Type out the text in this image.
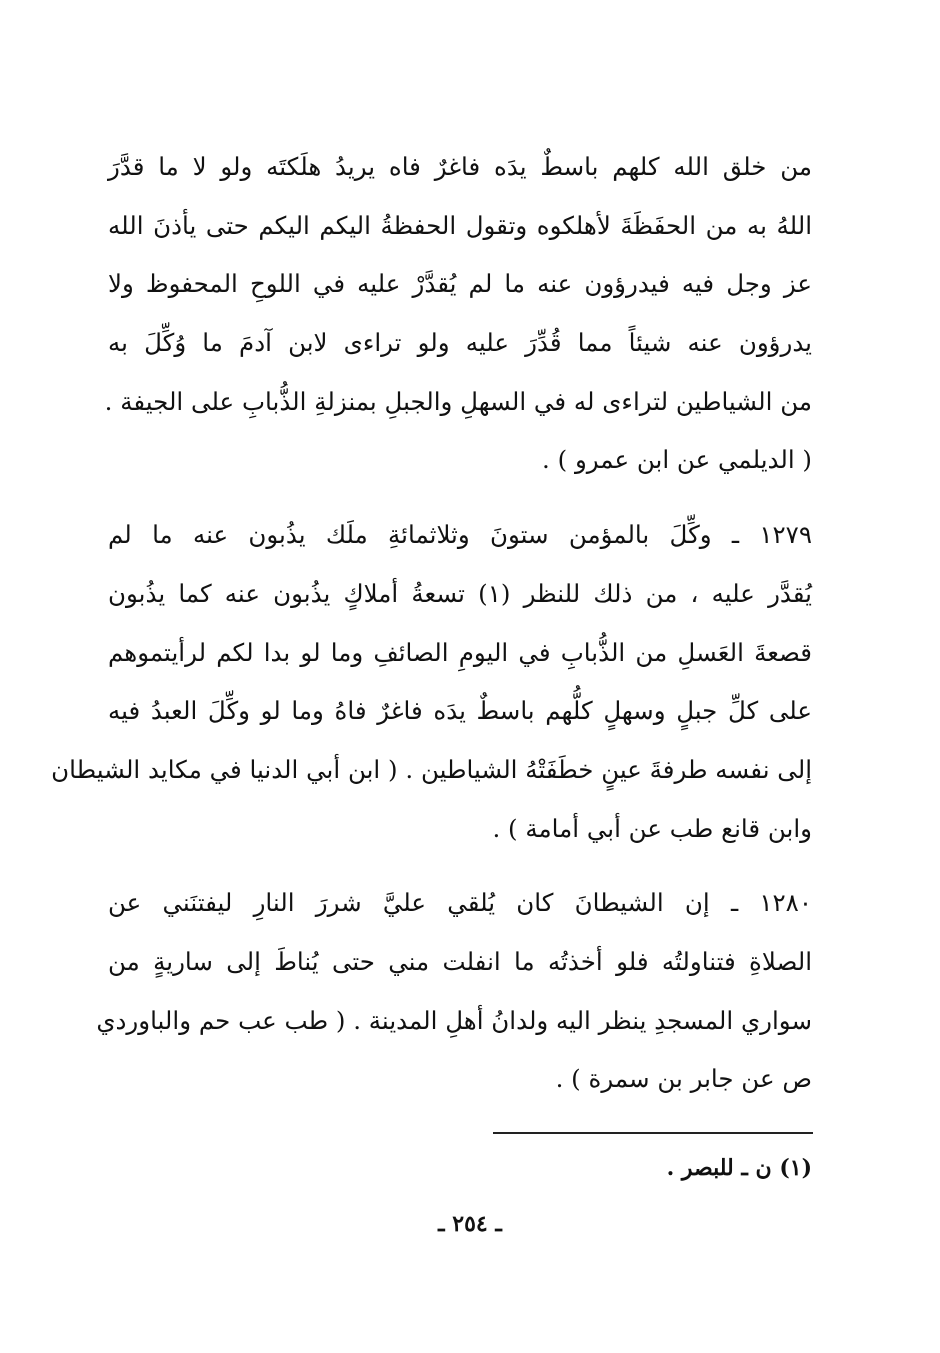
من خلق الله كلهم باسطٌ يدَه فاغرٌ فاه يريدُ هلَكتَه ولو لا ما قدَّرَ
اللهُ به من الحفَظَةَ لأهلكوه وتقول الحفظةُ اليكم اليكم حتى يأذنَ الله
عز وجل فيه فيدرؤون عنه ما لم يُقدَّرْ عليه في اللوحِ المحفوظ ولا
يدرؤون عنه شيئاً مما قُدِّرَ عليه ولو تراءى لابن آدمَ ما وُكِّلَ به
من الشياطين لتراءى له في السهلِ والجبلِ بمنزلةِ الذُّبابِ على الجيفة .
( الديلمي عن ابن عمرو ) .
١٢٧٩ ـ وكِّلَ بالمؤمن ستونَ وثلاثمائةِ ملَك يذُبون عنه ما لم
يُقدَّر عليه ، من ذلك للنظر (١) تسعةُ أملاكٍ يذُبون عنه كما يذُبون
قصعةَ العَسلِ من الذُّبابِ في اليومِ الصائفِ وما لو بدا لكم لرأيتموهم
على كلِّ جبلٍ وسهلٍ كلُّهم باسطٌ يدَه فاغرٌ فاهُ وما لو وكِّلَ العبدُ فيه
إلى نفسه طرفةَ عينٍ خطَفَتْهُ الشياطين . ( ابن أبي الدنيا في مكايد الشيطان
وابن قانع طب عن أبي أمامة ) .
١٢٨٠ ـ إن الشيطانَ كان يُلقي عليَّ شررَ النارِ ليفتنَني عن
الصلاةِ فتناولتُه فلو أخذتُه ما انفلت مني حتى يُناطَ إلى ساريةٍ من
سواري المسجدِ ينظر اليه ولدانُ أهلِ المدينة . ( طب عب حم والباوردي
ص عن جابر بن سمرة ) .
(١) ن ـ للبصر .
ـ ٢٥٤ ـ
